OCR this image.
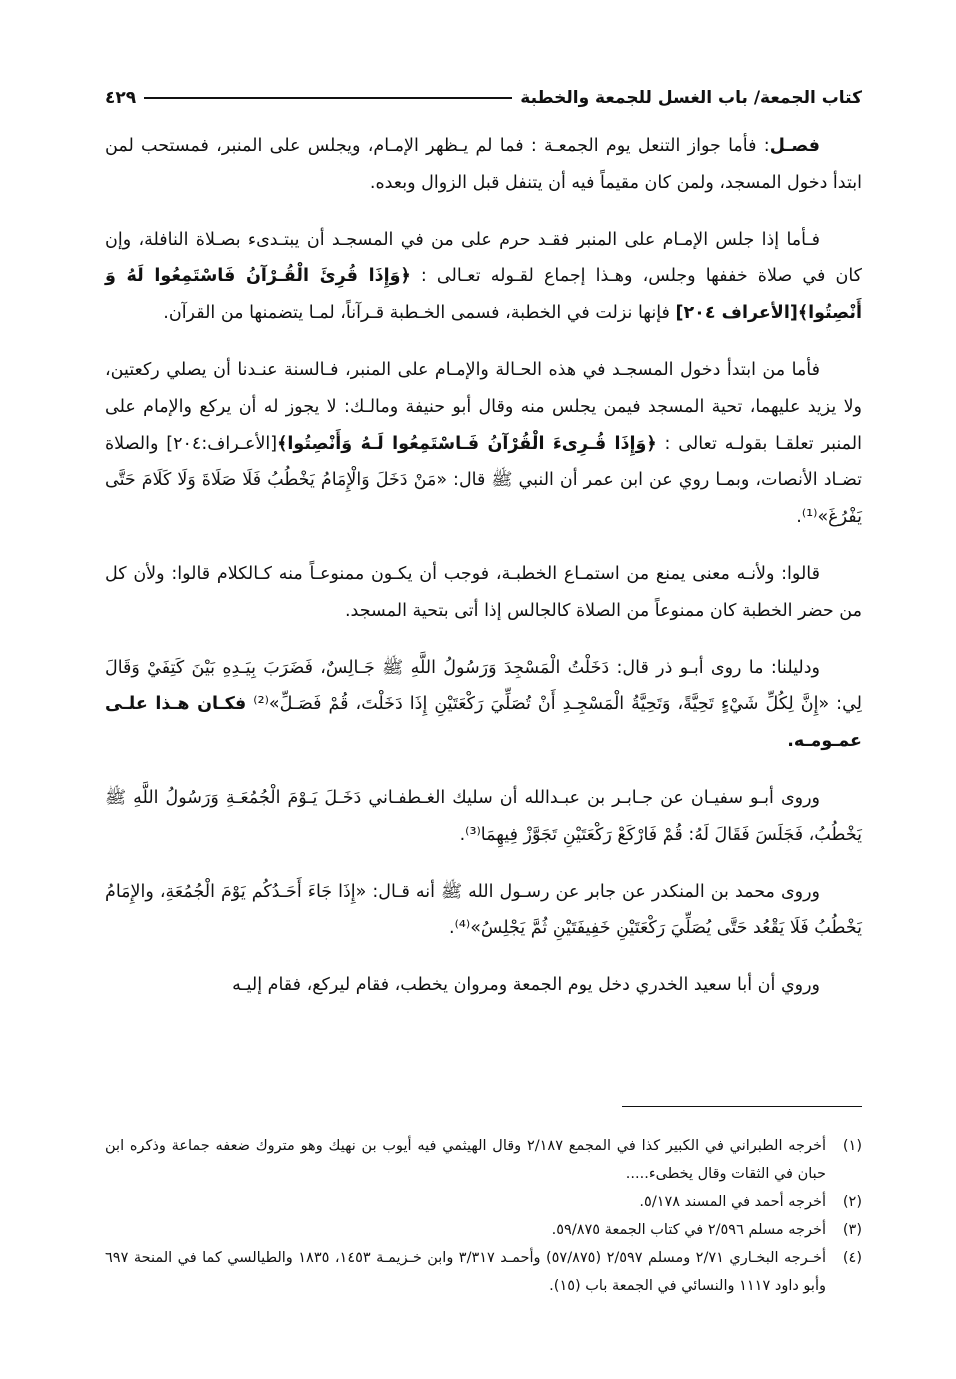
كتاب الجمعة/ باب الغسل للجمعة والخطبة
٤٢٩

فصـل: فأما جواز التنعل يوم الجمعـة : فما لم يـظهر الإمـام، ويجلس على المنبر، فمستحب لمن ابتدأ دخول المسجد، ولمن كان مقيماً فيه أن يتنفل قبل الزوال وبعده.

فـأما إذا جلس الإمـام على المنبر فقـد حرم على من في المسجـد أن يبتـدىء بصـلاة النافلة، وإن كان في صلاة خففها وجلس، وهـذا إجماع لقـوله تعـالى : ﴿وَإِذَا قُرِئَ الْقُـرْآنُ فَاسْتَمِعُوا لَهُ وَ أَنْصِتُوا﴾[الأعراف ٢٠٤] فإنها نزلت في الخطبة، فسمى الخـطبة قـرآناً، لمـا يتضمنها من القرآن.

فأما من ابتدأ دخول المسجـد في هذه الحـالة والإمـام على المنبر، فـالسنة عنـدنا أن يصلي ركعتين، ولا يزيد عليهما، تحية المسجد فيمن يجلس منه وقال أبو حنيفة ومالـك: لا يجوز له أن يركع والإمام على المنبر تعلقـا بقولـه تعالى : ﴿وَإِذَا قُـرِىءَ الْقُرْآنُ فَـاسْتَمِعُوا لَـهُ وَأَنْصِتُوا﴾[الأعـراف:٢٠٤] والصلاة تضـاد الأنصات، وبمـا روي عن ابن عمر أن النبي ﷺ قال: «مَنْ دَخَلَ وَالْإِمَامُ يَخْطُبُ فَلَا صَلَاةَ وَلَا كَلَامَ حَتَّى يَفْرُغَ»⁽¹⁾.

قالوا: ولأنـه معنى يمنع من استمـاع الخطبـة، فوجب أن يكـون ممنوعـاً منه كـالكلام قالوا: ولأن كل من حضر الخطبة كان ممنوعاً من الصلاة كالجالس إذا أتى بتحية المسجد.

ودليلنا: ما روى أبـو ذر قال: دَخَلْتُ الْمَسْجِدَ وَرَسُولُ اللَّهِ ﷺ جَـالِسٌ، فَضَرَبَ بِيَـدِهِ بَيْنَ كَتِفَيْ وَقَالَ لِي: «إِنَّ لِكُلِّ شَيْءٍ تَحِيَّةً، وَتَحِيَّةُ الْمَسْجِـدِ أَنْ تُصَلِّيَ رَكْعَتَيْنِ إِذَا دَخَلْتَ، قُمْ فَصَـلِّ»⁽²⁾ فكـان هـذا علـى عمـومـه.

وروى أبـو سفيـان عن جـابـر بن عبـدالله أن سليك الغـطفـاني دَخَـلَ يَـوْمَ الْجُمُعَـةِ وَرَسُولُ اللَّهِ ﷺ يَخْطُبُ، فَجَلَسَ فَقَالَ لَهُ: قُمْ فَارْكَعْ رَكْعَتَيْنِ تَجَوَّزْ فِيهِمَا⁽³⁾.

وروى محمد بن المنكدر عن جابر عن رسـول الله ﷺ أنه قـال: «إِذَا جَاءَ أَحَـدُكُم يَوْمَ الْجُمُعَةِ، والإِمَامُ يَخْطُبُ فَلَا يَقْعُد حَتَّى يُصَلِّيَ رَكْعَتَيْنِ خَفِيفَتَيْنِ ثُمَّ يَجْلِسُ»⁽⁴⁾.

وروي أن أبا سعيد الخدري دخل يوم الجمعة ومروان يخطب، فقام ليركع، فقام إليـه

(١)
أخرجه الطبراني في الكبير كذا في المجمع ٢/١٨٧ وقال الهيثمي فيه أيوب بن نهيك وهو متروك ضعفه جماعة وذكره ابن حبان في الثقات وقال يخطىء.....
(٢)
أخرجه أحمد في المسند ٥/١٧٨.
(٣)
أخرجه مسلم ٢/٥٩٦ في كتاب الجمعة ٥٩/٨٧٥.
(٤)
أخـرجه البخـاري ٢/٧١ ومسلم ٢/٥٩٧ (٥٧/٨٧٥) وأحمـد ٣/٣١٧ وابن خـزيمـة ١٤٥٣، ١٨٣٥ والطيالسي كما في المنحة ٦٩٧ وأبو داود ١١١٧ والنسائي في الجمعة باب (١٥).
